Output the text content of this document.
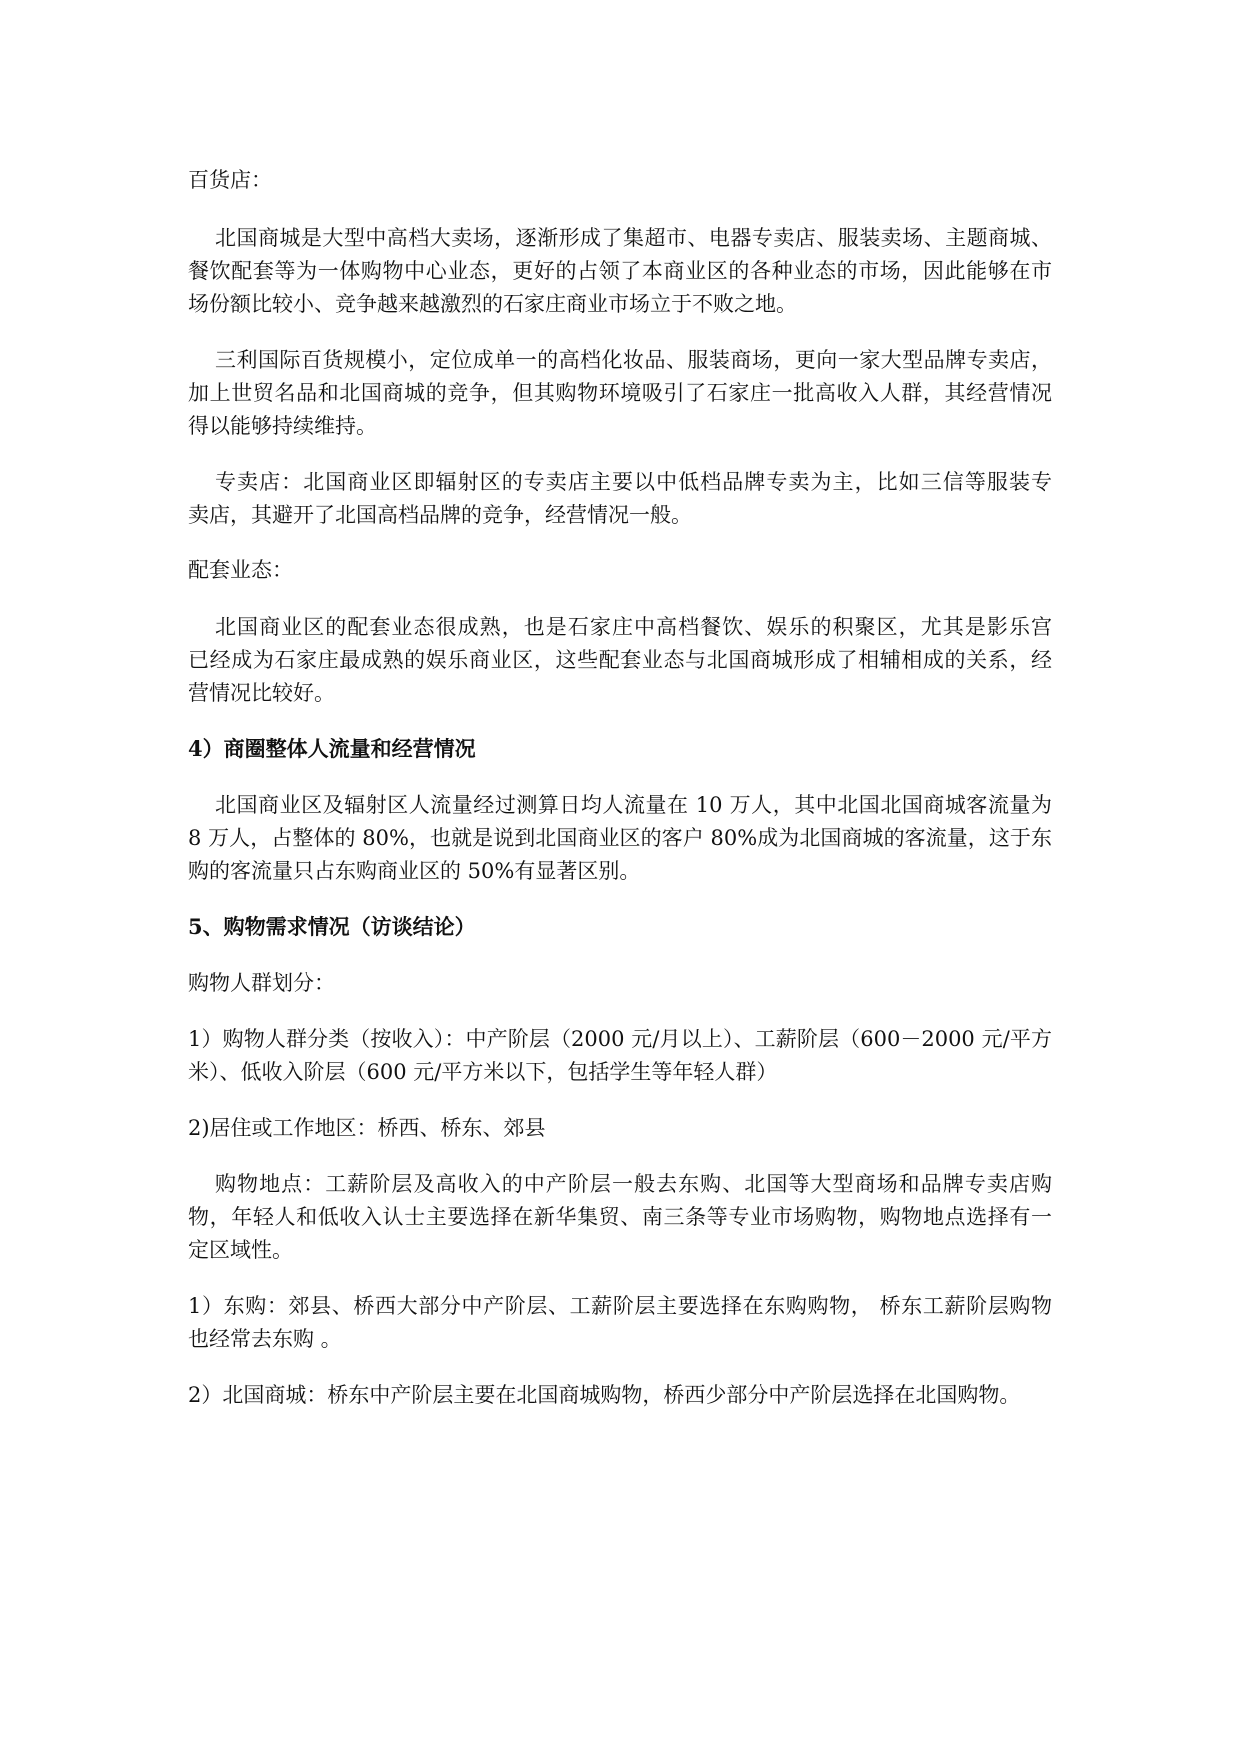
百货店：
北国商城是大型中高档大卖场，逐渐形成了集超市、电器专卖店、服装卖场、主题商城、
餐饮配套等为一体购物中心业态，更好的占领了本商业区的各种业态的市场，因此能够在市
场份额比较小、竞争越来越激烈的石家庄商业市场立于不败之地。
三利国际百货规模小，定位成单一的高档化妆品、服装商场，更向一家大型品牌专卖店，
加上世贸名品和北国商城的竞争，但其购物环境吸引了石家庄一批高收入人群，其经营情况
得以能够持续维持。
专卖店：北国商业区即辐射区的专卖店主要以中低档品牌专卖为主，比如三信等服装专
卖店，其避开了北国高档品牌的竞争，经营情况一般。
配套业态：
北国商业区的配套业态很成熟，也是石家庄中高档餐饮、娱乐的积聚区，尤其是影乐宫
已经成为石家庄最成熟的娱乐商业区，这些配套业态与北国商城形成了相辅相成的关系，经
营情况比较好。
4）商圈整体人流量和经营情况
北国商业区及辐射区人流量经过测算日均人流量在 10 万人，其中北国北国商城客流量为
8 万人，占整体的 80%，也就是说到北国商业区的客户 80%成为北国商城的客流量，这于东
购的客流量只占东购商业区的 50%有显著区别。
5、购物需求情况（访谈结论）
购物人群划分：
1）购物人群分类（按收入）：中产阶层（2000 元/月以上）、工薪阶层（600－2000 元/平方
米）、低收入阶层（600 元/平方米以下，包括学生等年轻人群）
2)居住或工作地区：桥西、桥东、郊县
购物地点：工薪阶层及高收入的中产阶层一般去东购、北国等大型商场和品牌专卖店购
物，年轻人和低收入认士主要选择在新华集贸、南三条等专业市场购物，购物地点选择有一
定区域性。
1）东购：郊县、桥西大部分中产阶层、工薪阶层主要选择在东购购物， 桥东工薪阶层购物
也经常去东购 。
2）北国商城：桥东中产阶层主要在北国商城购物，桥西少部分中产阶层选择在北国购物。
